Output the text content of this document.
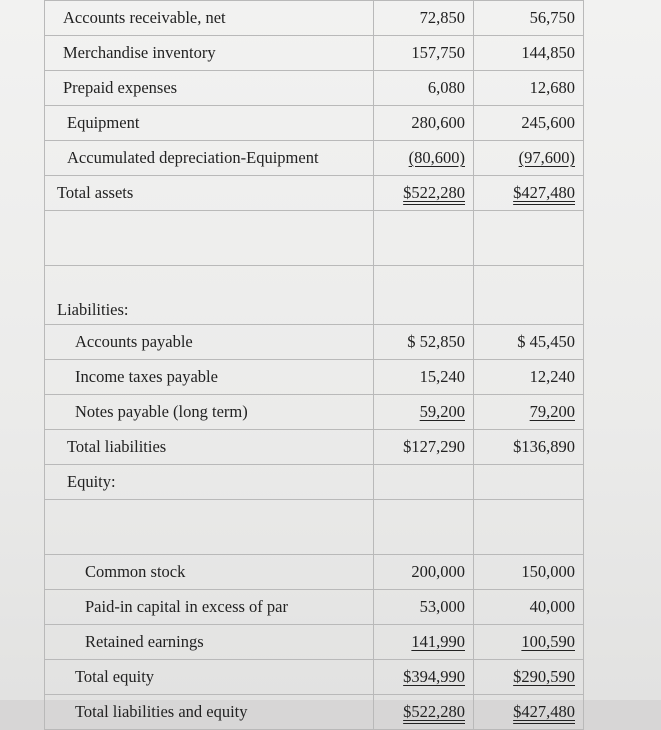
Accounts receivable, net	72,850	56,750
Merchandise inventory	157,750	144,850
Prepaid expenses	6,080	12,680
Equipment	280,600	245,600
Accumulated depreciation-Equipment	(80,600)	(97,600)
Total assets	$522,280	$427,480

Liabilities:		
Accounts payable	$ 52,850	$ 45,450
Income taxes payable	15,240	12,240
Notes payable (long term)	59,200	79,200
Total liabilities	$127,290	$136,890
Equity:		

Common stock	200,000	150,000
Paid-in capital in excess of par	53,000	40,000
Retained earnings	141,990	100,590
Total equity	$394,990	$290,590
Total liabilities and equity	$522,280	$427,480
